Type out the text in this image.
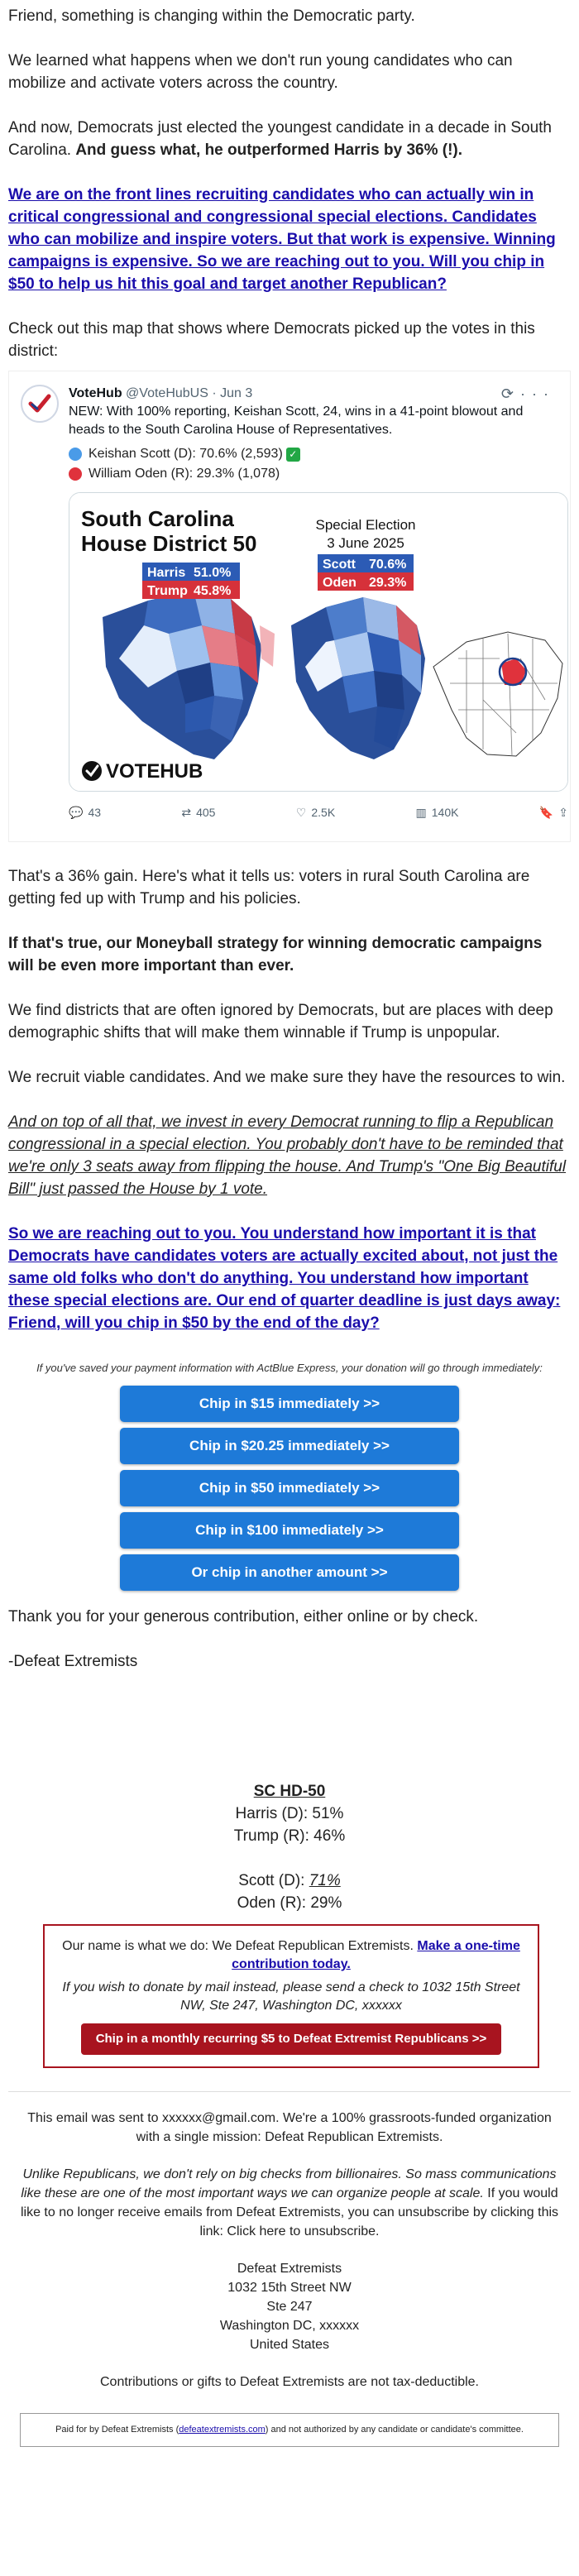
Friend, something is changing within the Democratic party.

We learned what happens when we don't run young candidates who can mobilize and activate voters across the country.

And now, Democrats just elected the youngest candidate in a decade in South Carolina. And guess what, he outperformed Harris by 36% (!).

We are on the front lines recruiting candidates who can actually win in critical congressional and congressional special elections. Candidates who can mobilize and inspire voters. But that work is expensive. Winning campaigns is expensive. So we are reaching out to you. Will you chip in $50 to help us hit this goal and target another Republican?

Check out this map that shows where Democrats picked up the votes in this district:

VoteHub @VoteHubUS · Jun 3
NEW: With 100% reporting, Keishan Scott, 24, wins in a 41-point blowout and heads to the South Carolina House of Representatives.
⟳···
Keishan Scott (D): 70.6% (2,593) ✓
William Oden (R): 29.3% (1,078)
South Carolina
House District 50
Harris 51.0%
Trump 45.8%
Special Election
3 June 2025
Scott 70.6%
Oden 29.3%
VOTEHUB
💬 43	⇄ 405	♡ 2.5K	▥ 140K	🔖 ⇪

That's a 36% gain. Here's what it tells us: voters in rural South Carolina are getting fed up with Trump and his policies.

If that's true, our Moneyball strategy for winning democratic campaigns will be even more important than ever.

We find districts that are often ignored by Democrats, but are places with deep demographic shifts that will make them winnable if Trump is unpopular.

We recruit viable candidates. And we make sure they have the resources to win.

And on top of all that, we invest in every Democrat running to flip a Republican congressional in a special election. You probably don't have to be reminded that we're only 3 seats away from flipping the house. And Trump's "One Big Beautiful Bill" just passed the House by 1 vote.

So we are reaching out to you. You understand how important it is that Democrats have candidates voters are actually excited about, not just the same old folks who don't do anything. You understand how important these special elections are. Our end of quarter deadline is just days away: Friend, will you chip in $50 by the end of the day?

If you've saved your payment information with ActBlue Express, your donation will go through immediately:

Chip in $15 immediately >>
Chip in $20.25 immediately >>
Chip in $50 immediately >>
Chip in $100 immediately >>
Or chip in another amount >>

Thank you for your generous contribution, either online or by check.

-Defeat Extremists

SC HD-50
Harris (D): 51%
Trump (R): 46%
Scott (D): 71%
Oden (R): 29%
Our name is what we do: We Defeat Republican Extremists. Make a one-time contribution today.
If you wish to donate by mail instead, please send a check to 1032 15th Street NW, Ste 247, Washington DC, xxxxxx
Chip in a monthly recurring $5 to Defeat Extremist Republicans >>

This email was sent to xxxxxx@gmail.com. We're a 100% grassroots-funded organization with a single mission: Defeat Republican Extremists.

Unlike Republicans, we don't rely on big checks from billionaires. So mass communications like these are one of the most important ways we can organize people at scale. If you would like to no longer receive emails from Defeat Extremists, you can unsubscribe by clicking this link: Click here to unsubscribe.

Defeat Extremists
1032 15th Street NW
Ste 247
Washington DC, xxxxxx
United States

Contributions or gifts to Defeat Extremists are not tax-deductible.

Paid for by Defeat Extremists (defeatextremists.com) and not authorized by any candidate or candidate's committee.
